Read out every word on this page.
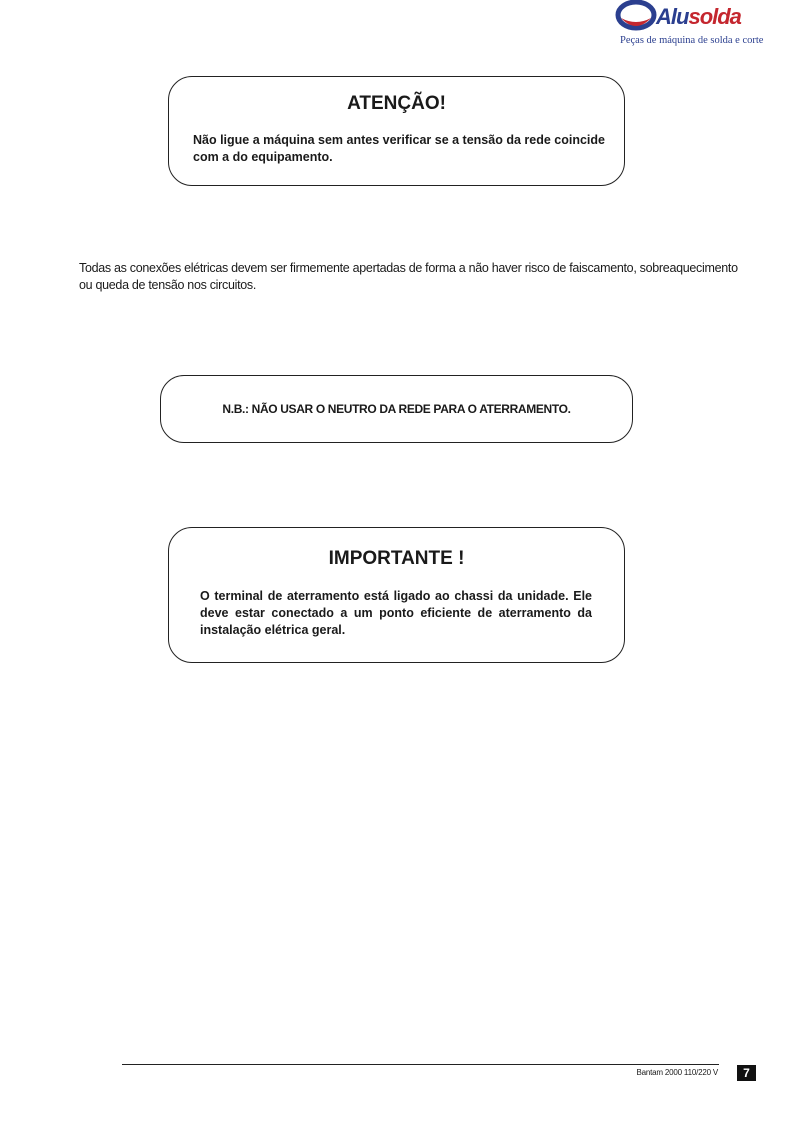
Alusolda
Peças de máquina de solda e corte
ATENÇÃO!
Não ligue a máquina sem antes verificar se a tensão da rede coincide com a do equipamento.
Todas as conexões elétricas devem ser firmemente apertadas de forma a não haver risco de faiscamento, sobreaquecimento ou queda de tensão nos circuitos.
N.B.: NÃO USAR O NEUTRO DA REDE PARA O ATERRAMENTO.
IMPORTANTE !
O terminal de aterramento está ligado ao chassi da unidade. Ele deve estar conectado a um ponto eficiente de aterramento da instalação elétrica geral.
Bantam 2000 110/220 V	7
